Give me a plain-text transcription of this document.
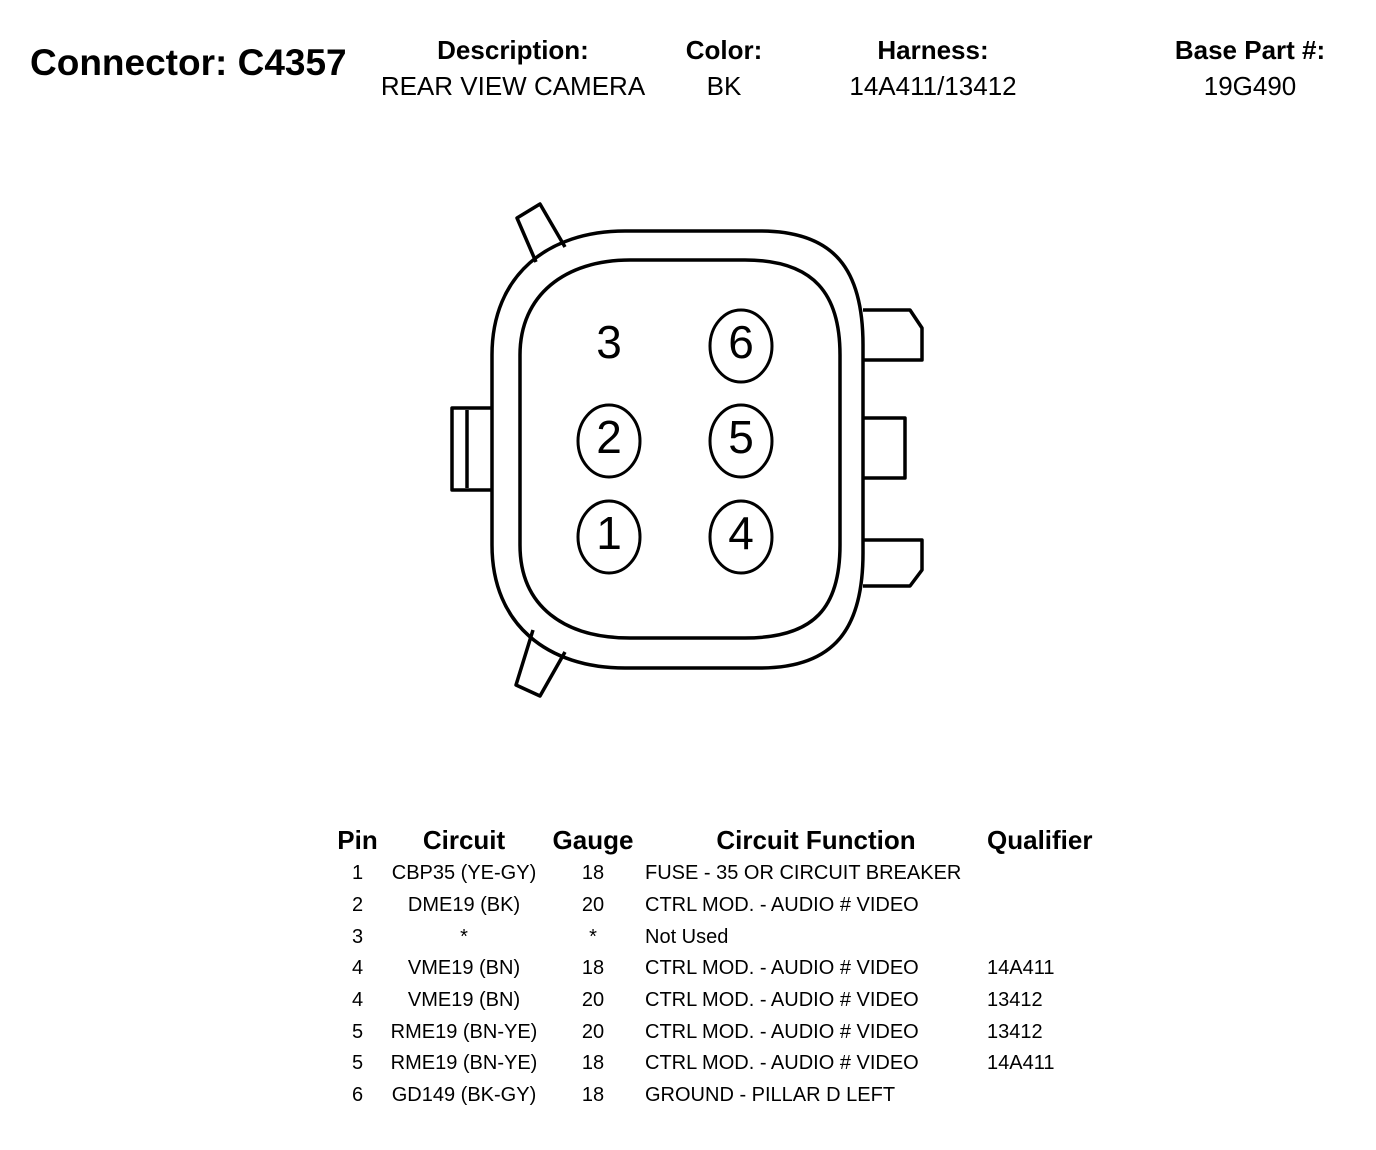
Connector: C4357	Description:
REAR VIEW CAMERA
Color:
BK
Harness:
14A411/13412
Base Part #:
19G490
3 6
2 5
1 4
Pin	Circuit	Gauge	Circuit Function	Qualifier
1	CBP35 (YE-GY)	18	FUSE - 35 OR CIRCUIT BREAKER	
2	DME19 (BK)	20	CTRL MOD. - AUDIO # VIDEO	
3	*	*	Not Used	
4	VME19 (BN)	18	CTRL MOD. - AUDIO # VIDEO	14A411
4	VME19 (BN)	20	CTRL MOD. - AUDIO # VIDEO	13412
5	RME19 (BN-YE)	20	CTRL MOD. - AUDIO # VIDEO	13412
5	RME19 (BN-YE)	18	CTRL MOD. - AUDIO # VIDEO	14A411
6	GD149 (BK-GY)	18	GROUND - PILLAR D LEFT	
